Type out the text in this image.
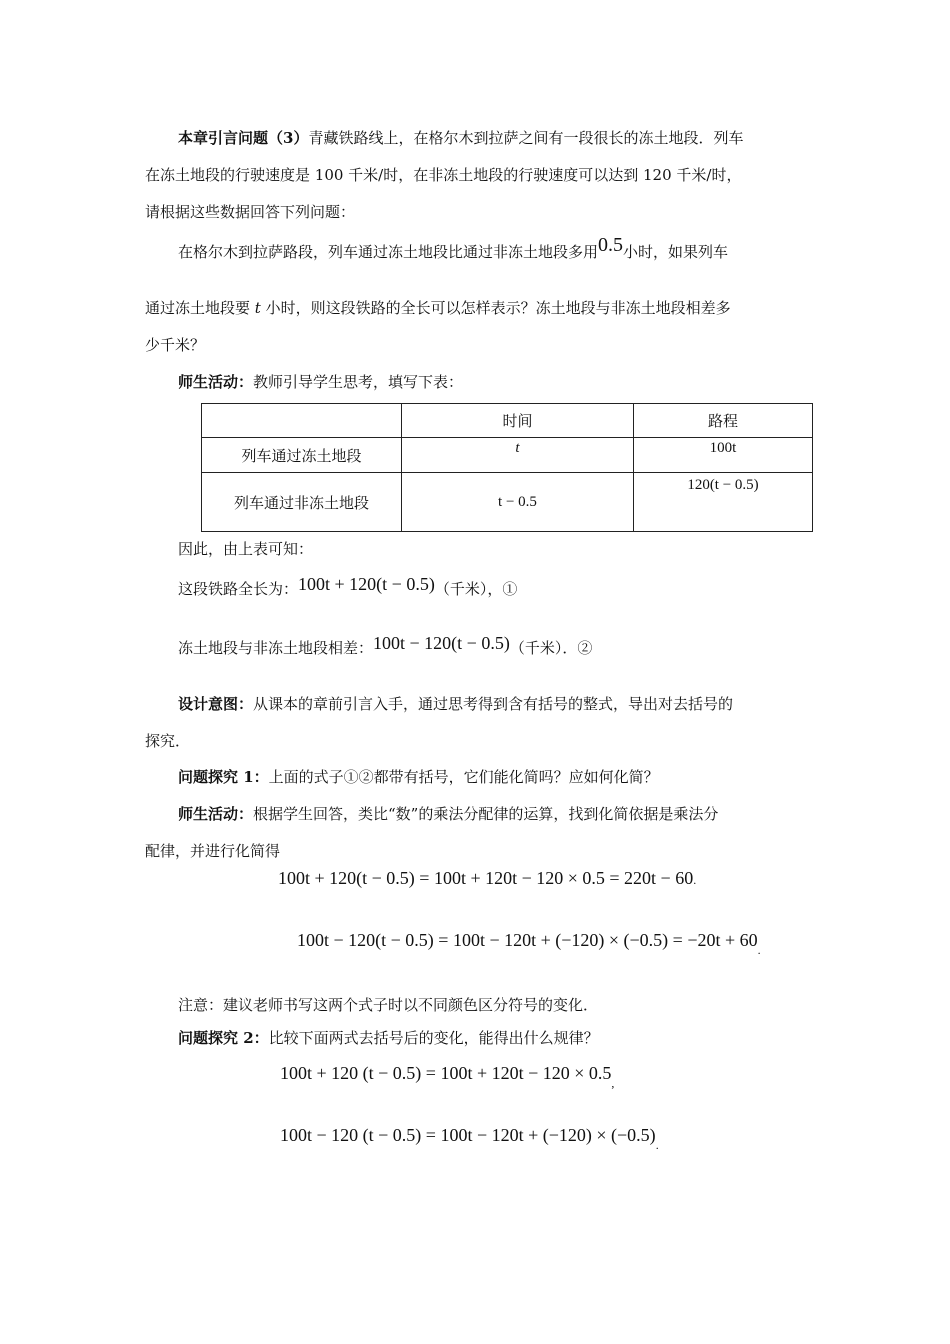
本章引言问题（3）青藏铁路线上，在格尔木到拉萨之间有一段很长的冻土地段．列车
在冻土地段的行驶速度是 100 千米/时，在非冻土地段的行驶速度可以达到 120 千米/时，
请根据这些数据回答下列问题：
在格尔木到拉萨路段，列车通过冻土地段比通过非冻土地段多用0.5小时，如果列车
通过冻土地段要 t 小时，则这段铁路的全长可以怎样表示？冻土地段与非冻土地段相差多
少千米？
师生活动：教师引导学生思考，填写下表：
	时间	路程
列车通过冻土地段	t	100t
列车通过非冻土地段	t − 0.5	120(t − 0.5)
因此，由上表可知：
这段铁路全长为：100t + 120(t − 0.5)（千米），①
冻土地段与非冻土地段相差：100t − 120(t − 0.5)（千米）．②
设计意图：从课本的章前引言入手，通过思考得到含有括号的整式，导出对去括号的
探究．
问题探究 1：上面的式子①②都带有括号，它们能化简吗？应如何化简？
师生活动：根据学生回答，类比“数”的乘法分配律的运算，找到化简依据是乘法分
配律，并进行化简得
100t + 120(t − 0.5) = 100t + 120t − 120 × 0.5 = 220t − 60.
$100t - 120(t - 0.5) = 100t - 120t + (-120) \times (-0.5) = -20t + 60_.$
注意：建议老师书写这两个式子时以不同颜色区分符号的变化．
问题探究 2：比较下面两式去括号后的变化，能得出什么规律？
100t + 120 $(t - 0.5) = 100t + 120t - 120 \times 0.5_,$
100t − 120 $(t - 0.5) = 100t - 120t + (-120) \times (-0.5)_.$
